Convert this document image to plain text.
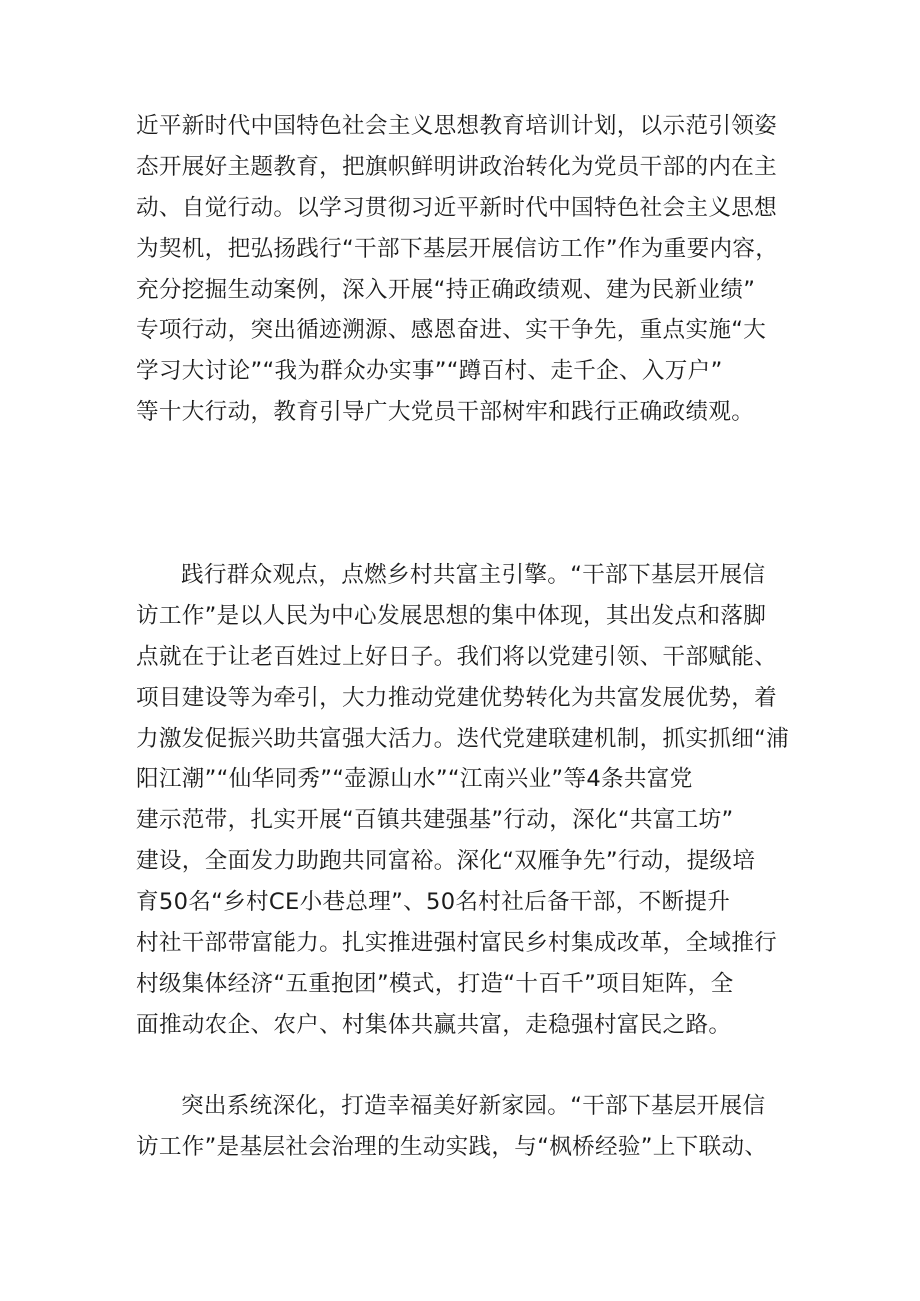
近平新时代中国特色社会主义思想教育培训计划，以示范引领姿
态开展好主题教育，把旗帜鲜明讲政治转化为党员干部的内在主
动、自觉行动。以学习贯彻习近平新时代中国特色社会主义思想
为契机，把弘扬践行“干部下基层开展信访工作”作为重要内容，
充分挖掘生动案例，深入开展“持正确政绩观、建为民新业绩”
专项行动，突出循迹溯源、感恩奋进、实干争先，重点实施“大
学习大讨论”“我为群众办实事”“蹲百村、走千企、入万户”
等十大行动，教育引导广大党员干部树牢和践行正确政绩观。
践行群众观点，点燃乡村共富主引擎。“干部下基层开展信
访工作”是以人民为中心发展思想的集中体现，其出发点和落脚
点就在于让老百姓过上好日子。我们将以党建引领、干部赋能、
项目建设等为牵引，大力推动党建优势转化为共富发展优势，着
力激发促振兴助共富强大活力。迭代党建联建机制，抓实抓细“浦
阳江潮”“仙华同秀”“壶源山水”“江南兴业”等4条共富党
建示范带，扎实开展“百镇共建强基”行动，深化“共富工坊”
建设，全面发力助跑共同富裕。深化“双雁争先”行动，提级培
育50名“乡村CE小巷总理”、50名村社后备干部，不断提升
村社干部带富能力。扎实推进强村富民乡村集成改革，全域推行
村级集体经济“五重抱团”模式，打造“十百千”项目矩阵，全
面推动农企、农户、村集体共赢共富，走稳强村富民之路。
突出系统深化，打造幸福美好新家园。“干部下基层开展信
访工作”是基层社会治理的生动实践，与“枫桥经验”上下联动、
